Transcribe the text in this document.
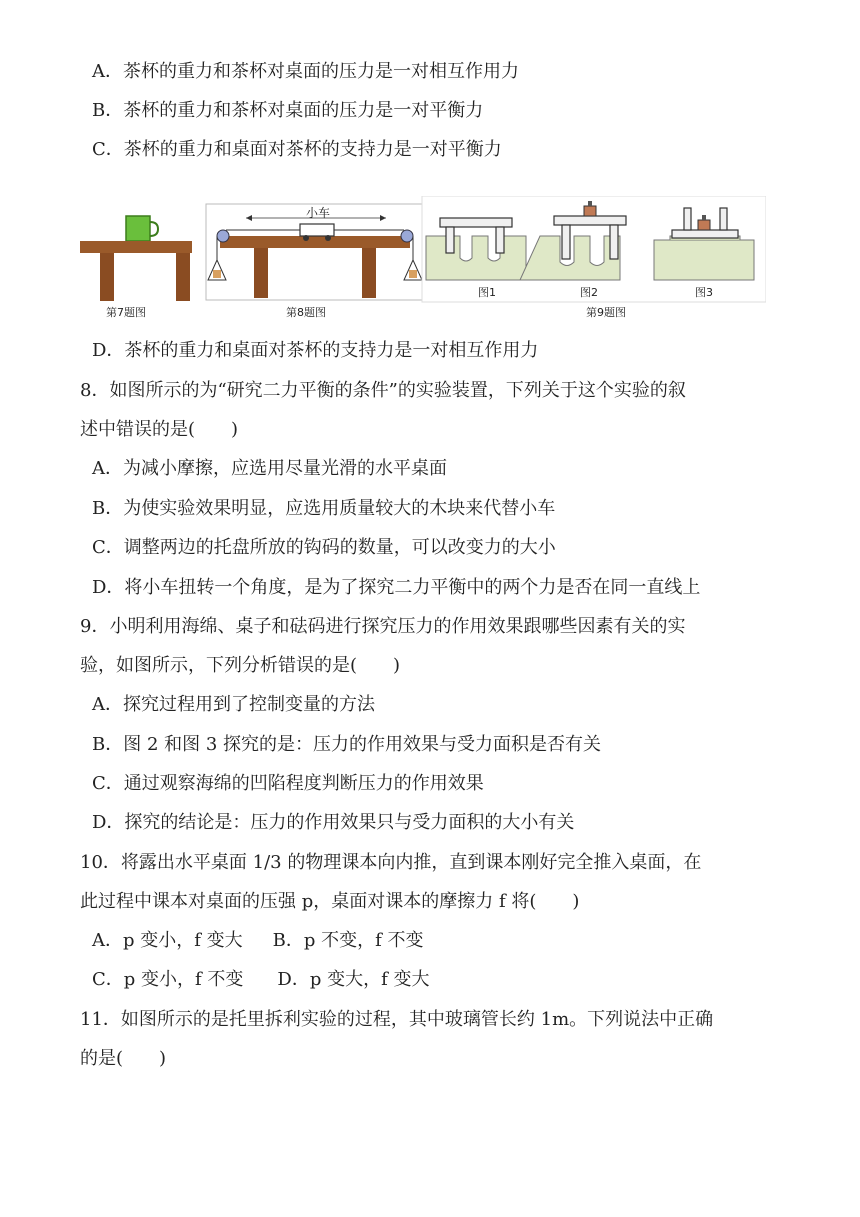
A．茶杯的重力和茶杯对桌面的压力是一对相互作用力
B．茶杯的重力和茶杯对桌面的压力是一对平衡力
C．茶杯的重力和桌面对茶杯的支持力是一对平衡力
小车
图1	图2	图3
第7题图	第8题图	第9题图
D．茶杯的重力和桌面对茶杯的支持力是一对相互作用力
8．如图所示的为“研究二力平衡的条件”的实验装置，下列关于这个实验的叙
述中错误的是(　　)
A．为减小摩擦，应选用尽量光滑的水平桌面
B．为使实验效果明显，应选用质量较大的木块来代替小车
C．调整两边的托盘所放的钩码的数量，可以改变力的大小
D．将小车扭转一个角度，是为了探究二力平衡中的两个力是否在同一直线上
9．小明利用海绵、桌子和砝码进行探究压力的作用效果跟哪些因素有关的实
验，如图所示，下列分析错误的是(　　)
A．探究过程用到了控制变量的方法
B．图 2 和图 3 探究的是：压力的作用效果与受力面积是否有关
C．通过观察海绵的凹陷程度判断压力的作用效果
D．探究的结论是：压力的作用效果只与受力面积的大小有关
10．将露出水平桌面 1/3 的物理课本向内推，直到课本刚好完全推入桌面，在
此过程中课本对桌面的压强 p，桌面对课本的摩擦力 f 将(　　)
A．p 变小，f 变大 B．p 不变，f 不变
C．p 变小，f 不变 D．p 变大，f 变大
11．如图所示的是托里拆利实验的过程，其中玻璃管长约 1m。下列说法中正确
的是(　　)
